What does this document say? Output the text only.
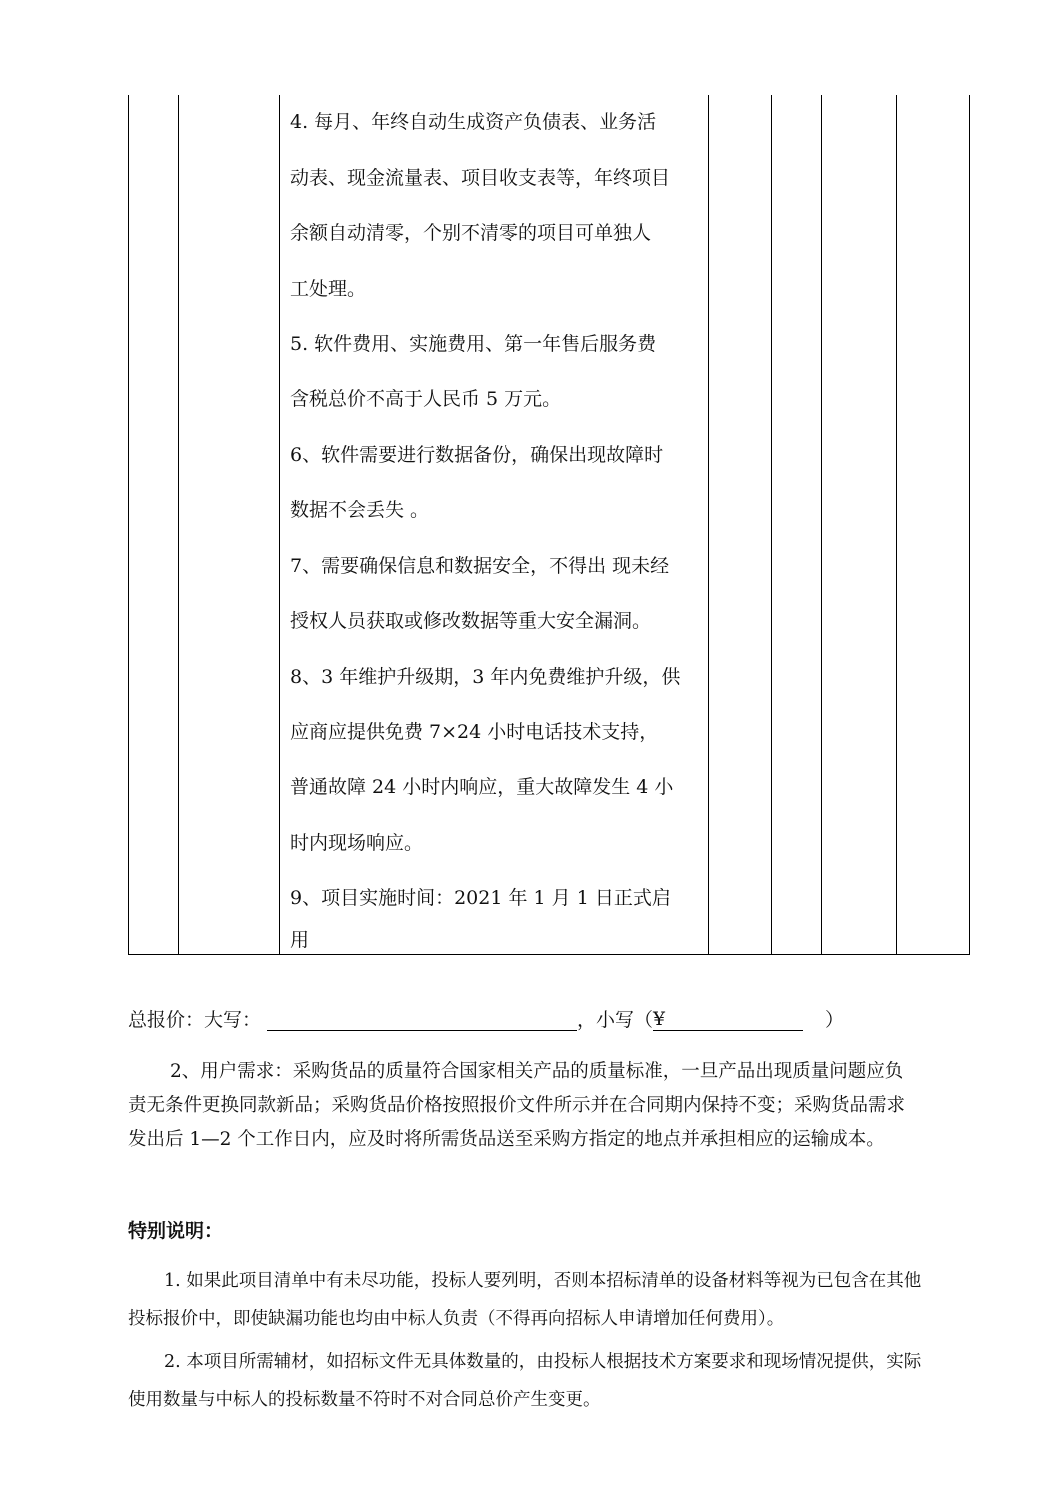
4. 每月、年终自动生成资产负债表、业务活
动表、现金流量表、项目收支表等，年终项目
余额自动清零，个别不清零的项目可单独人
工处理。
5. 软件费用、实施费用、第一年售后服务费
含税总价不高于人民币 5 万元。
6、软件需要进行数据备份，确保出现故障时
数据不会丢失 。
7、需要确保信息和数据安全，不得出 现未经
授权人员获取或修改数据等重大安全漏洞。
8、3 年维护升级期，3 年内免费维护升级，供
应商应提供免费 7×24 小时电话技术支持，
普通故障 24 小时内响应，重大故障发生 4 小
时内现场响应。
9、项目实施时间：2021 年 1 月 1 日正式启
用
总报价：大写：	，小写（¥	）
2、用户需求：采购货品的质量符合国家相关产品的质量标准，一旦产品出现质量问题应负责无条件更换同款新品；采购货品价格按照报价文件所示并在合同期内保持不变；采购货品需求发出后 1—2 个工作日内，应及时将所需货品送至采购方指定的地点并承担相应的运输成本。
特别说明：
1. 如果此项目清单中有未尽功能，投标人要列明，否则本招标清单的设备材料等视为已包含在其他投标报价中，即使缺漏功能也均由中标人负责（不得再向招标人申请增加任何费用）。
2. 本项目所需辅材，如招标文件无具体数量的，由投标人根据技术方案要求和现场情况提供，实际使用数量与中标人的投标数量不符时不对合同总价产生变更。
